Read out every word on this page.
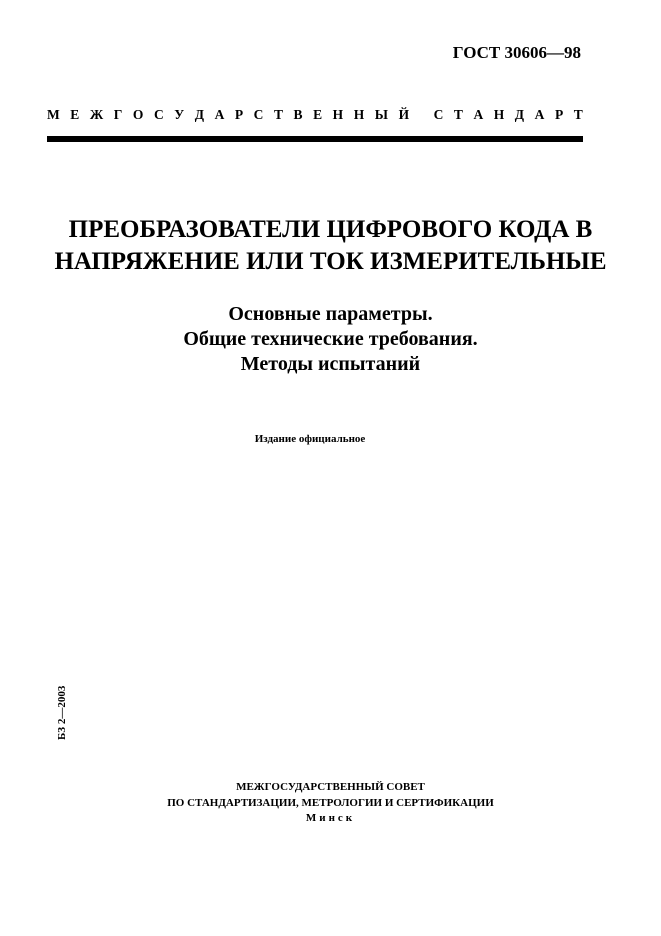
ГОСТ 30606—98
М Е Ж Г О С У Д А Р С Т В Е Н Н Ы Й
С Т А Н Д А Р Т
ПРЕОБРАЗОВАТЕЛИ ЦИФРОВОГО КОДА В
НАПРЯЖЕНИЕ ИЛИ ТОК ИЗМЕРИТЕЛЬНЫЕ
Основные параметры.
Общие технические требования.
Методы испытаний
Издание официальное
БЗ 2—2003
МЕЖГОСУДАРСТВЕННЫЙ СОВЕТ
ПО СТАНДАРТИЗАЦИИ, МЕТРОЛОГИИ И СЕРТИФИКАЦИИ
Минск
